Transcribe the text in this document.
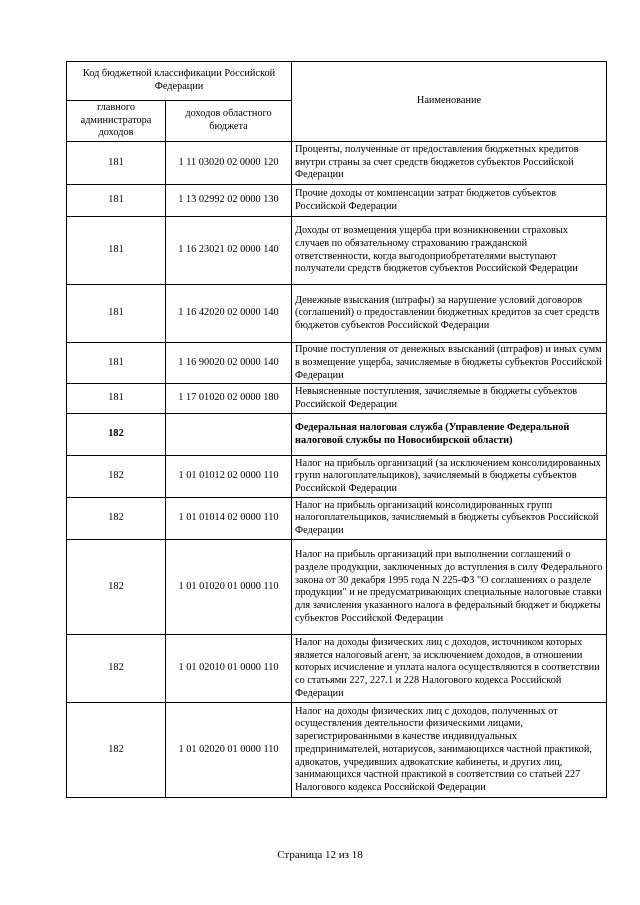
Код бюджетной классификации Российской Федерации		Наименование
главного администратора доходов	доходов областного бюджета	
181	1 11 03020 02 0000 120	Проценты, полученные от предоставления бюджетных кредитов внутри страны за счет средств бюджетов субъектов Российской Федерации
181	1 13 02992 02 0000 130	Прочие доходы от компенсации затрат бюджетов субъектов Российской Федерации
181	1 16 23021 02 0000 140	Доходы от возмещения ущерба при возникновении страховых случаев по обязательному страхованию гражданской ответственности, когда выгодоприобретателями выступают получатели средств бюджетов субъектов Российской Федерации
181	1 16 42020 02 0000 140	Денежные взыскания (штрафы) за нарушение условий договоров (соглашений) о предоставлении бюджетных кредитов за счет средств бюджетов субъектов Российской Федерации
181	1 16 90020 02 0000 140	Прочие поступления от денежных взысканий (штрафов) и иных сумм в возмещение ущерба, зачисляемые в бюджеты субъектов Российской Федерации
181	1 17 01020 02 0000 180	Невыясненные поступления, зачисляемые в бюджеты субъектов Российской Федерации
182		Федеральная налоговая служба (Управление Федеральной налоговой службы по Новосибирской области)
182	1 01 01012 02 0000 110	Налог на прибыль организаций (за исключением консолидированных групп налогоплательщиков), зачисляемый в бюджеты субъектов Российской Федерации
182	1 01 01014 02 0000 110	Налог на прибыль организаций консолидированных групп налогоплательщиков, зачисляемый в бюджеты субъектов Российской Федерации
182	1 01 01020 01 0000 110	Налог на прибыль организаций при выполнении соглашений о разделе продукции, заключенных до вступления в силу Федерального закона от 30 декабря 1995 года N 225-ФЗ "О соглашениях о разделе продукции" и не предусматривающих специальные налоговые ставки для зачисления указанного налога в федеральный бюджет и бюджеты субъектов Российской Федерации
182	1 01 02010 01 0000 110	Налог на доходы физических лиц с доходов, источником которых является налоговый агент, за исключением доходов, в отношении которых исчисление и уплата налога осуществляются в соответствии со статьями 227, 227.1 и 228 Налогового кодекса Российской Федерации
182	1 01 02020 01 0000 110	Налог на доходы физических лиц с доходов, полученных от осуществления деятельности физическими лицами, зарегистрированными в качестве индивидуальных предпринимателей, нотариусов, занимающихся частной практикой, адвокатов, учредивших адвокатские кабинеты, и других лиц, занимающихся частной практикой в соответствии со статьей 227 Налогового кодекса Российской Федерации
Страница 12 из 18
